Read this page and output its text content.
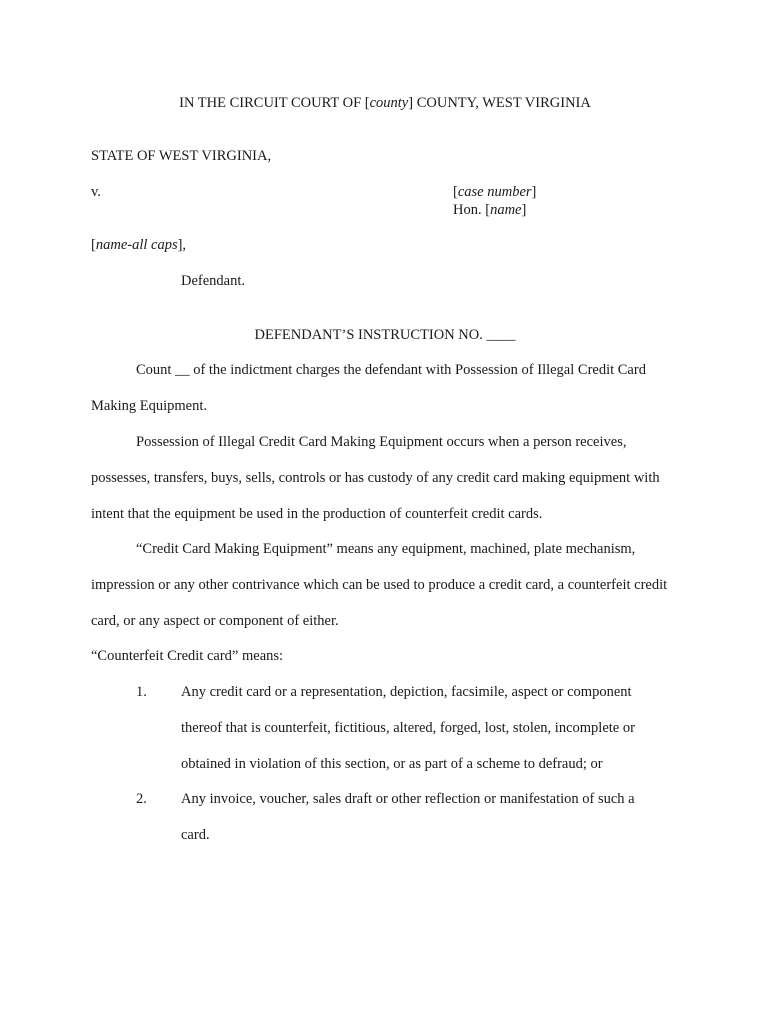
IN THE CIRCUIT COURT OF [county] COUNTY, WEST VIRGINIA
STATE OF WEST VIRGINIA,
v.	[case number]
Hon. [name]
[name-all caps],
Defendant.
DEFENDANT’S INSTRUCTION NO. ____
Count __ of the indictment charges the defendant with Possession of Illegal Credit Card Making Equipment.
Possession of Illegal Credit Card Making Equipment occurs when a person receives, possesses, transfers, buys, sells, controls or has custody of any credit card making equipment with intent that the equipment be used in the production of counterfeit credit cards.
“Credit Card Making Equipment” means any equipment, machined, plate mechanism, impression or any other contrivance which can be used to produce a credit card, a counterfeit credit card, or any aspect or component of either.
“Counterfeit Credit card” means:
1. Any credit card or a representation, depiction, facsimile, aspect or component thereof that is counterfeit, fictitious, altered, forged, lost, stolen, incomplete or obtained in violation of this section, or as part of a scheme to defraud; or
2. Any invoice, voucher, sales draft or other reflection or manifestation of such a card.
